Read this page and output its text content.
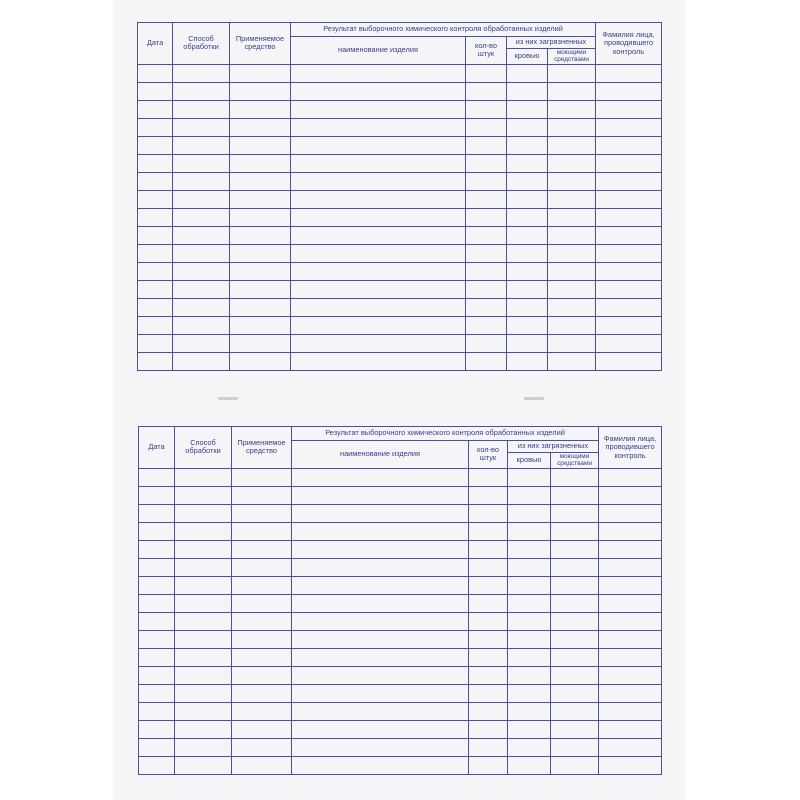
Дата	Способ обработки	Применяемое средство	Результат выборочного химического контроля обработанных изделий				Фамилия лица, проводившего контроль
			наименование изделия	кол-во штук	из них загрязненных		
					кровью	моющими средствами	

Дата	Способ обработки	Применяемое средство	Результат выборочного химического контроля обработанных изделий				Фамилия лица, проводившего контроль
			наименование изделия	кол-во штук	из них загрязненных		
					кровью	моющими средствами	
